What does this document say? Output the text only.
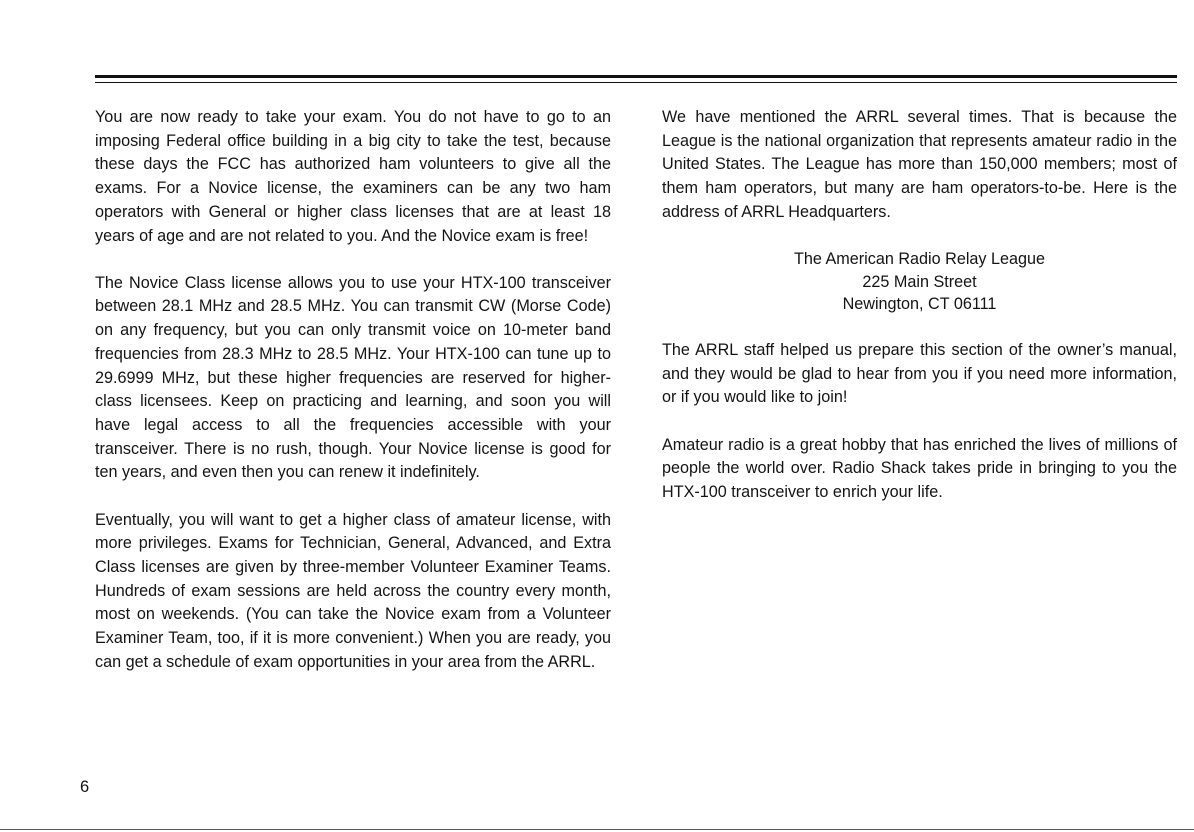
You are now ready to take your exam. You do not have to go to an imposing Federal office building in a big city to take the test, because these days the FCC has authorized ham volunteers to give all the exams. For a Novice license, the examiners can be any two ham operators with General or higher class licenses that are at least 18 years of age and are not related to you. And the Novice exam is free!

The Novice Class license allows you to use your HTX-100 transceiver between 28.1 MHz and 28.5 MHz. You can transmit CW (Morse Code) on any frequency, but you can only transmit voice on 10-meter band frequencies from 28.3 MHz to 28.5 MHz. Your HTX-100 can tune up to 29.6999 MHz, but these higher frequencies are reserved for higher-class licensees. Keep on practicing and learning, and soon you will have legal access to all the frequencies accessible with your transceiver. There is no rush, though. Your Novice license is good for ten years, and even then you can renew it indefinitely.

Eventually, you will want to get a higher class of amateur license, with more privileges. Exams for Technician, General, Advanced, and Extra Class licenses are given by three-member Volunteer Examiner Teams. Hundreds of exam sessions are held across the country every month, most on weekends. (You can take the Novice exam from a Volunteer Examiner Team, too, if it is more convenient.) When you are ready, you can get a schedule of exam opportunities in your area from the ARRL.

We have mentioned the ARRL several times. That is because the League is the national organization that represents amateur radio in the United States. The League has more than 150,000 members; most of them ham operators, but many are ham operators-to-be. Here is the address of ARRL Headquarters.

The American Radio Relay League
225 Main Street
Newington, CT 06111

The ARRL staff helped us prepare this section of the owner’s manual, and they would be glad to hear from you if you need more information, or if you would like to join!

Amateur radio is a great hobby that has enriched the lives of millions of people the world over. Radio Shack takes pride in bringing to you the HTX-100 transceiver to enrich your life.

6
